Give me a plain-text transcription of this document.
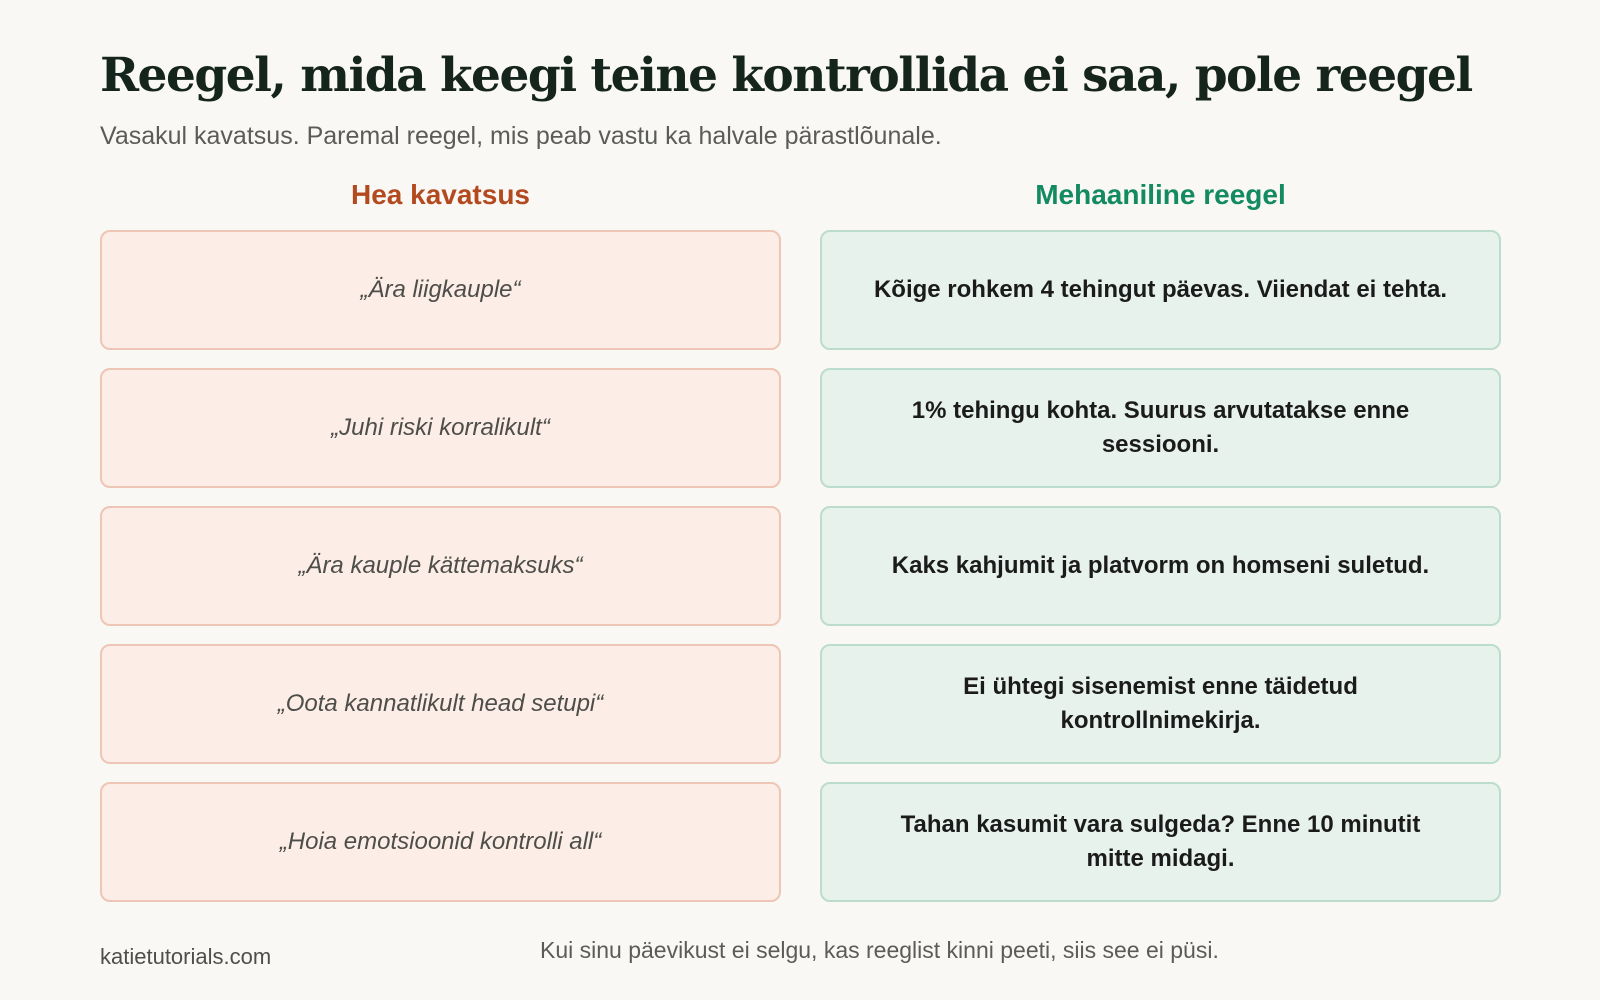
Reegel, mida keegi teine kontrollida ei saa, pole reegel

Vasakul kavatsus. Paremal reegel, mis peab vastu ka halvale pärastlõunale.

Hea kavatsus	Mehaaniline reegel
„Ära liigkauple“
„Juhi riski korralikult“
„Ära kauple kättemaksuks“
„Oota kannatlikult head setupi“
„Hoia emotsioonid kontrolli all“
Kõige rohkem 4 tehingut päevas. Viiendat ei tehta.
1% tehingu kohta. Suurus arvutatakse enne sessiooni.
Kaks kahjumit ja platvorm on homseni suletud.
Ei ühtegi sisenemist enne täidetud kontrollnimekirja.
Tahan kasumit vara sulgeda? Enne 10 minutit mitte midagi.
katietutorials.com	Kui sinu päevikust ei selgu, kas reeglist kinni peeti, siis see ei püsi.
